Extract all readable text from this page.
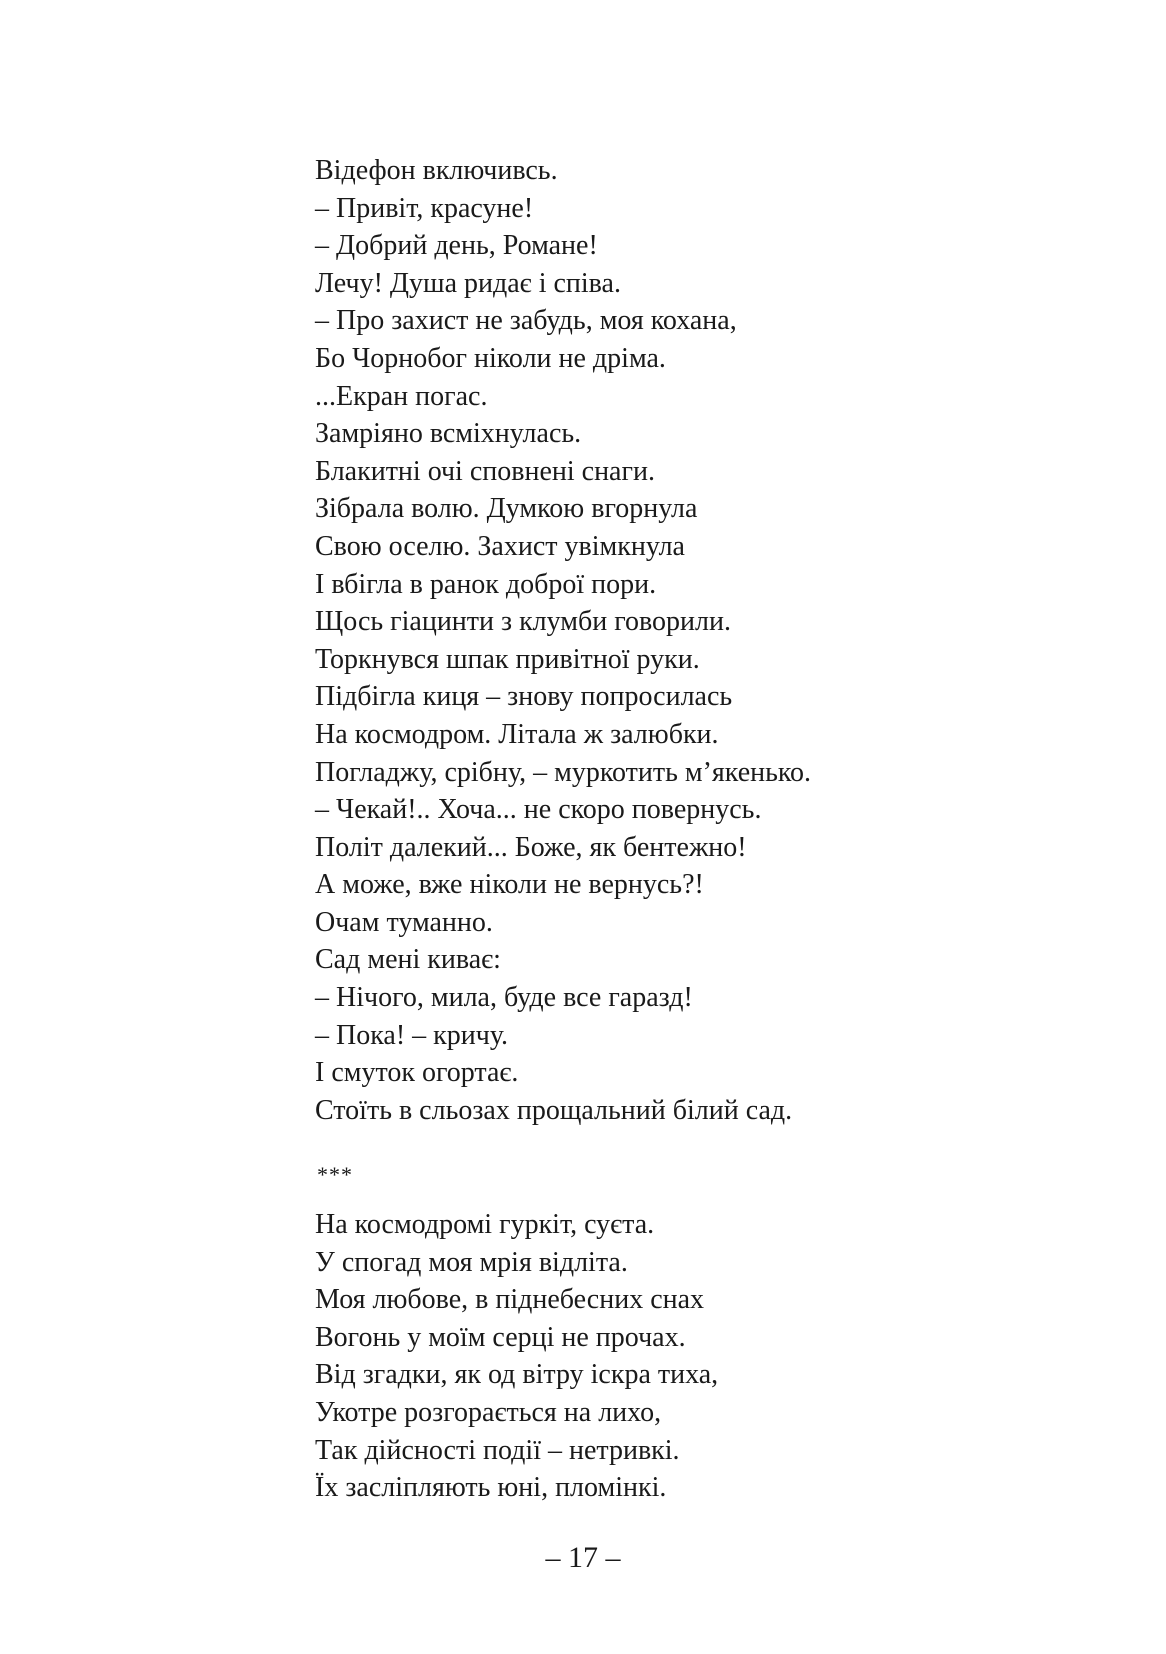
Відефон включивсь.
– Привіт, красуне!
– Добрий день, Романе!
Лечу! Душа ридає і співа.
– Про захист не забудь, моя кохана,
Бо Чорнобог ніколи не дріма.
...Екран погас.
Замріяно всміхнулась.
Блакитні очі сповнені снаги.
Зібрала волю. Думкою вгорнула
Свою оселю. Захист увімкнула
І вбігла в ранок доброї пори.
Щось гіацинти з клумби говорили.
Торкнувся шпак привітної руки.
Підбігла киця – знову попросилась
На космодром. Літала ж залюбки.
Погладжу, срібну, – муркотить м’якенько.
– Чекай!.. Хоча... не скоро повернусь.
Політ далекий... Боже, як бентежно!
А може, вже ніколи не вернусь?!
Очам туманно.
Сад мені киває:
– Нічого, мила, буде все гаразд!
– Пока! – кричу.
І смуток огортає.
Стоїть в сльозах прощальний білий сад.
***
На космодромі гуркіт, суєта.
У спогад моя мрія відліта.
Моя любове, в піднебесних снах
Вогонь у моїм серці не прочах.
Від згадки, як од вітру іскра тиха,
Укотре розгорається на лихо,
Так дійсності події – нетривкі.
Їх засліпляють юні, пломінкі.
– 17 –
